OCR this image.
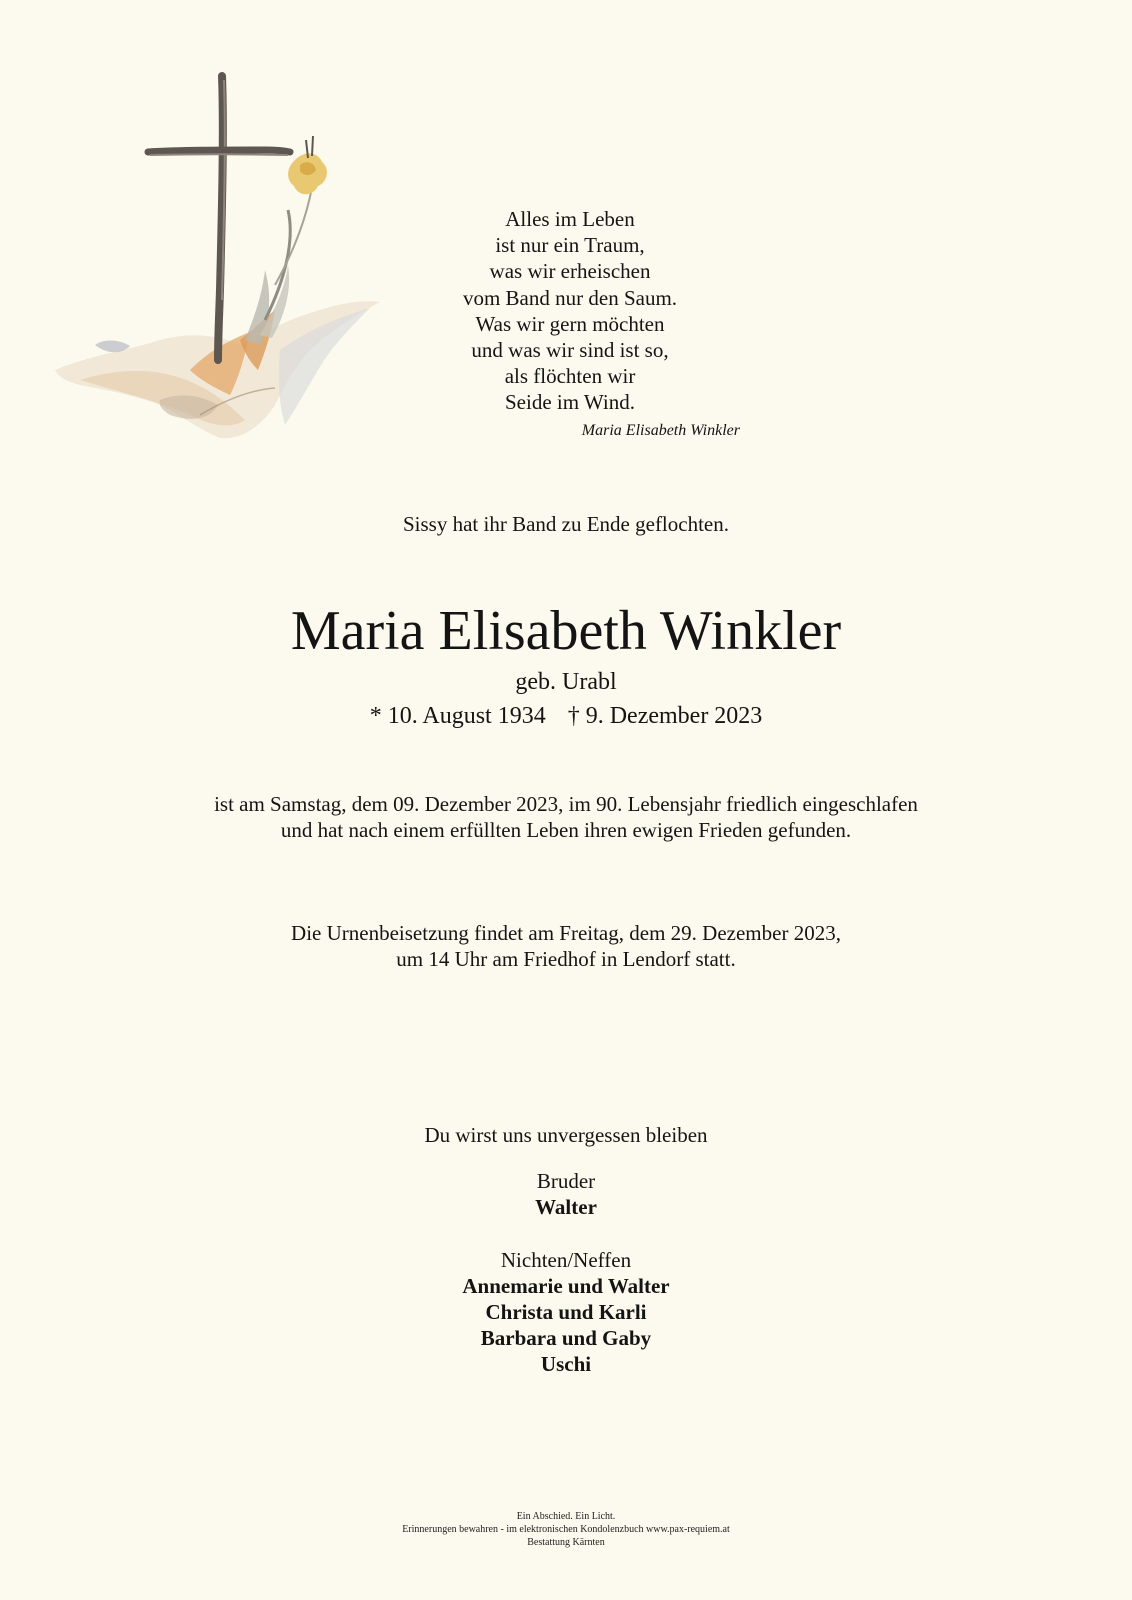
Alles im Leben
ist nur ein Traum,
was wir erheischen
vom Band nur den Saum.
Was wir gern möchten
und was wir sind ist so,
als flöchten wir
Seide im Wind.
Maria Elisabeth Winkler
Sissy hat ihr Band zu Ende geflochten.
Maria Elisabeth Winkler
geb. Urabl
* 10. August 1934 † 9. Dezember 2023
ist am Samstag, dem 09. Dezember 2023, im 90. Lebensjahr friedlich eingeschlafen
und hat nach einem erfüllten Leben ihren ewigen Frieden gefunden.
Die Urnenbeisetzung findet am Freitag, dem 29. Dezember 2023,
um 14 Uhr am Friedhof in Lendorf statt.
Du wirst uns unvergessen bleiben
Bruder
Walter
Nichten/Neffen
Annemarie und Walter
Christa und Karli
Barbara und Gaby
Uschi
Ein Abschied. Ein Licht.
Erinnerungen bewahren - im elektronischen Kondolenzbuch www.pax-requiem.at
Bestattung Kärnten
